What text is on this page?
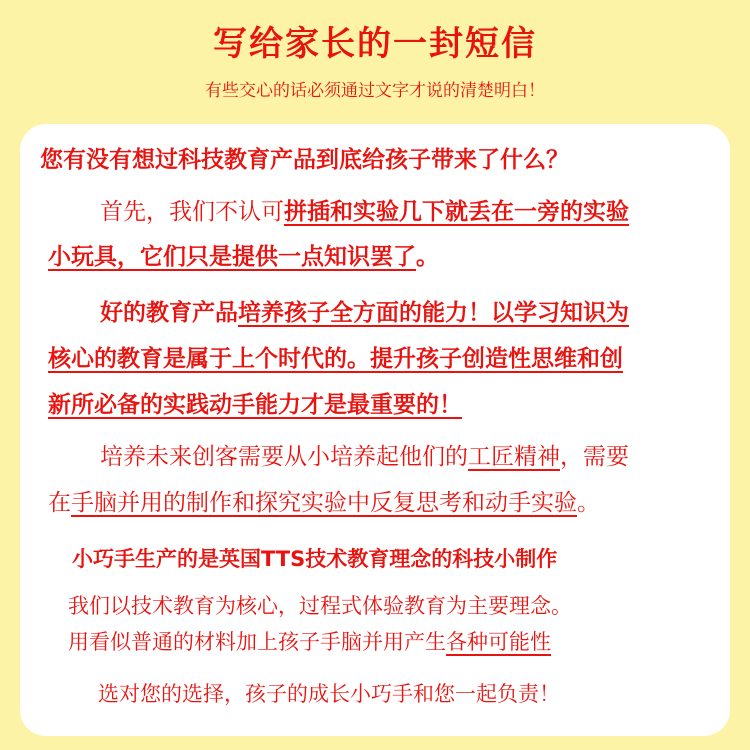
写给家长的一封短信
有些交心的话必须通过文字才说的清楚明白！
您有没有想过科技教育产品到底给孩子带来了什么？
首先，我们不认可拼插和实验几下就丢在一旁的实验
小玩具，它们只是提供一点知识罢了。
好的教育产品培养孩子全方面的能力！以学习知识为
核心的教育是属于上个时代的。提升孩子创造性思维和创
新所必备的实践动手能力才是最重要的！
培养未来创客需要从小培养起他们的工匠精神，需要
在手脑并用的制作和探究实验中反复思考和动手实验。
小巧手生产的是英国TTS技术教育理念的科技小制作
我们以技术教育为核心，过程式体验教育为主要理念。
用看似普通的材料加上孩子手脑并用产生各种可能性
选对您的选择，孩子的成长小巧手和您一起负责！
